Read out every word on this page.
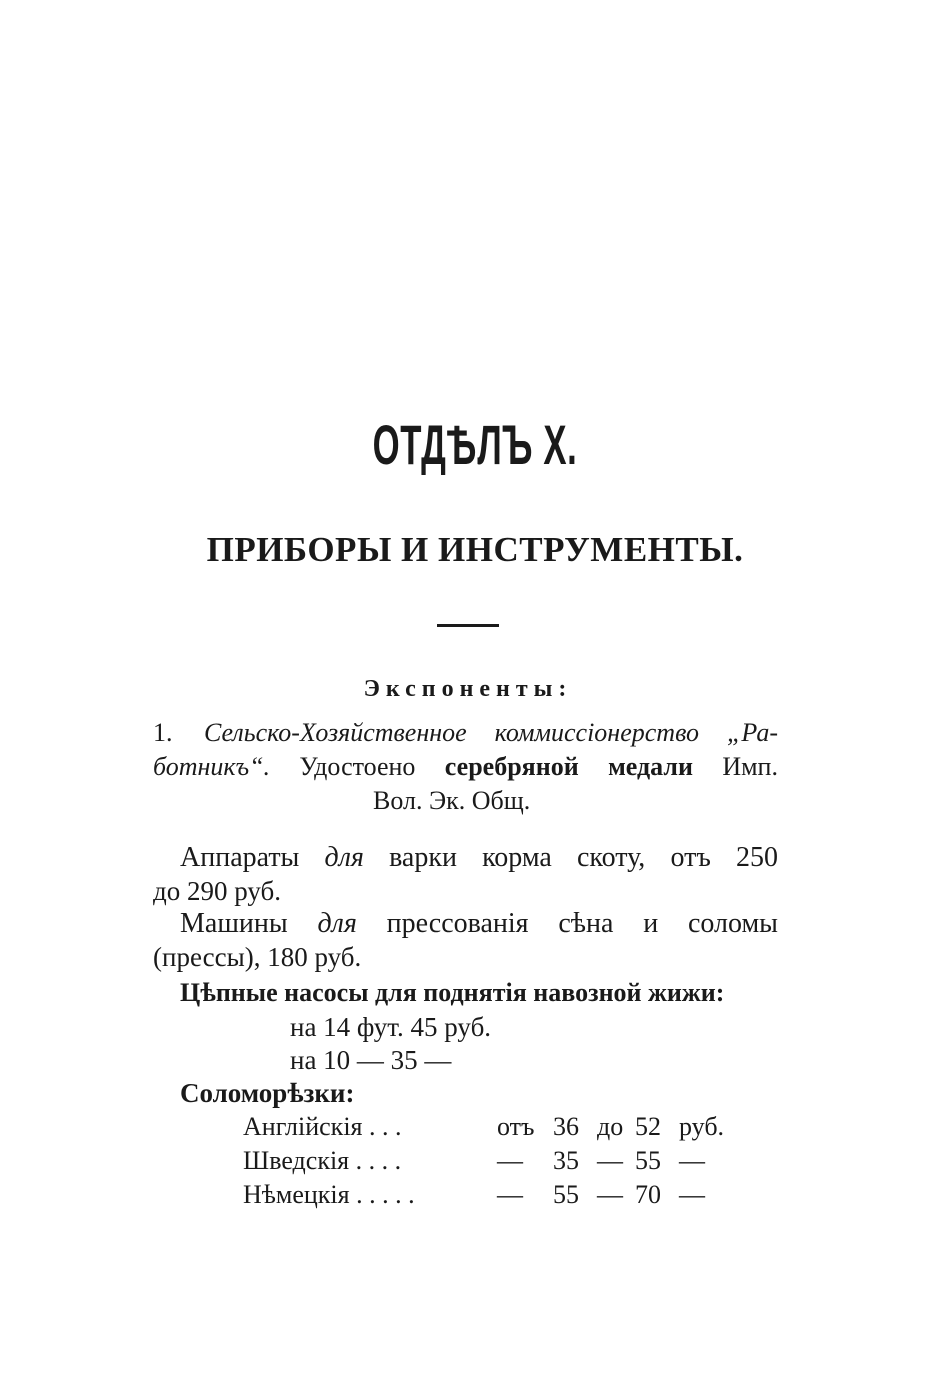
ОТДѢЛЪ X.
ПРИБОРЫ И ИНСТРУМЕНТЫ.
Экспоненты:
1. Сельско-Хозяйственное коммиссіонерство „Ра-
ботникъ“. Удостоено серебряной медали Имп.
Вол. Эк. Общ.
Аппараты для варки корма скоту, отъ 250
до 290 руб.
Машины для прессованія сѣна и соломы
(прессы), 180 руб.
Цѣпные насосы для поднятія навозной жижи:
на 14 фут. 45 руб.
на 10 — 35 —
Соломорѣзки:
Англійскія . . .	отъ 36 до 52 руб.
Шведскія . . . .	— 35 — 55 —
Нѣмецкія . . . . .	— 55 — 70 —
